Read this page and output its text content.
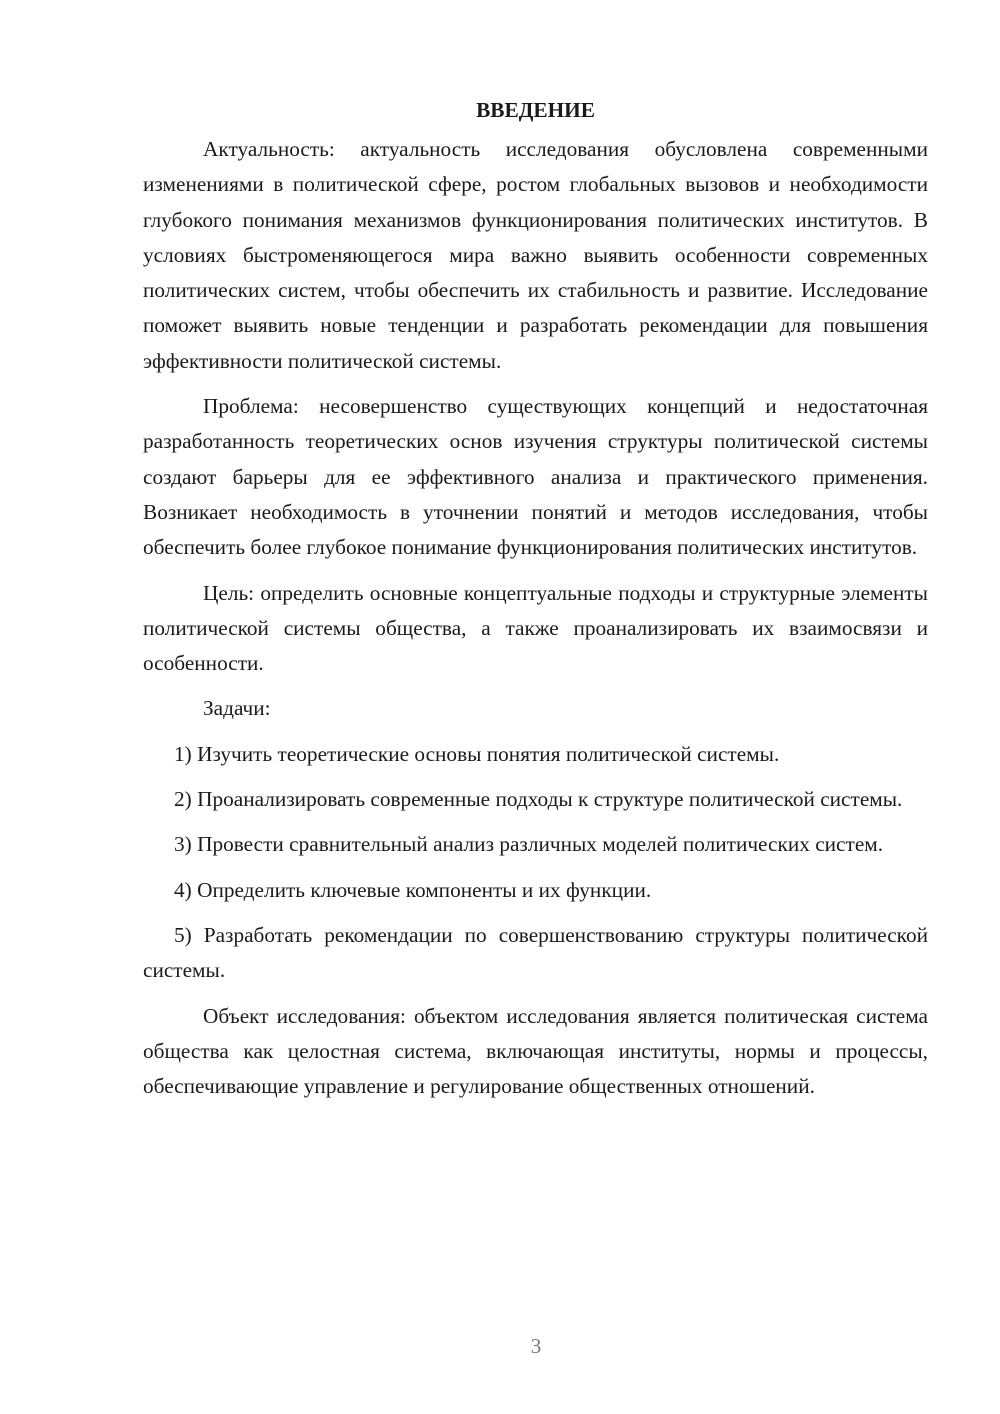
ВВЕДЕНИЕ

Актуальность: актуальность исследования обусловлена современными изменениями в политической сфере, ростом глобальных вызовов и необходимости глубокого понимания механизмов функционирования политических институтов. В условиях быстроменяющегося мира важно выявить особенности современных политических систем, чтобы обеспечить их стабильность и развитие. Исследование поможет выявить новые тенденции и разработать рекомендации для повышения эффективности политической системы.

Проблема: несовершенство существующих концепций и недостаточная разработанность теоретических основ изучения структуры политической системы создают барьеры для ее эффективного анализа и практического применения. Возникает необходимость в уточнении понятий и методов исследования, чтобы обеспечить более глубокое понимание функционирования политических институтов.

Цель: определить основные концептуальные подходы и структурные элементы политической системы общества, а также проанализировать их взаимосвязи и особенности.

Задачи:

1) Изучить теоретические основы понятия политической системы.

2) Проанализировать современные подходы к структуре политической системы.

3) Провести сравнительный анализ различных моделей политических систем.

4) Определить ключевые компоненты и их функции.

5) Разработать рекомендации по совершенствованию структуры политической системы.

Объект исследования: объектом исследования является политическая система общества как целостная система, включающая институты, нормы и процессы, обеспечивающие управление и регулирование общественных отношений.

3
